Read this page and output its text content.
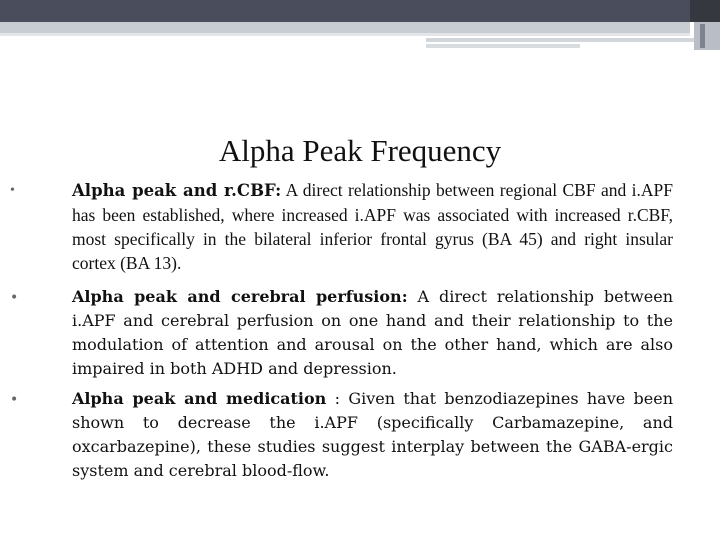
Alpha Peak Frequency
•	Alpha peak and r.CBF: A direct relationship between regional CBF and i.APF has been established, where increased i.APF was associated with increased r.CBF, most specifically in the bilateral inferior frontal gyrus (BA 45) and right insular cortex (BA 13).
•	Alpha peak and cerebral perfusion: A direct relationship between i.APF and cerebral perfusion on one hand and their relationship to the modulation of attention and arousal on the other hand, which are also impaired in both ADHD and depression.
•	Alpha peak and medication : Given that benzodiazepines have been shown to decrease the i.APF (specifically Carbamazepine, and oxcarbazepine), these studies suggest interplay between the GABA-ergic system and cerebral blood-flow.
